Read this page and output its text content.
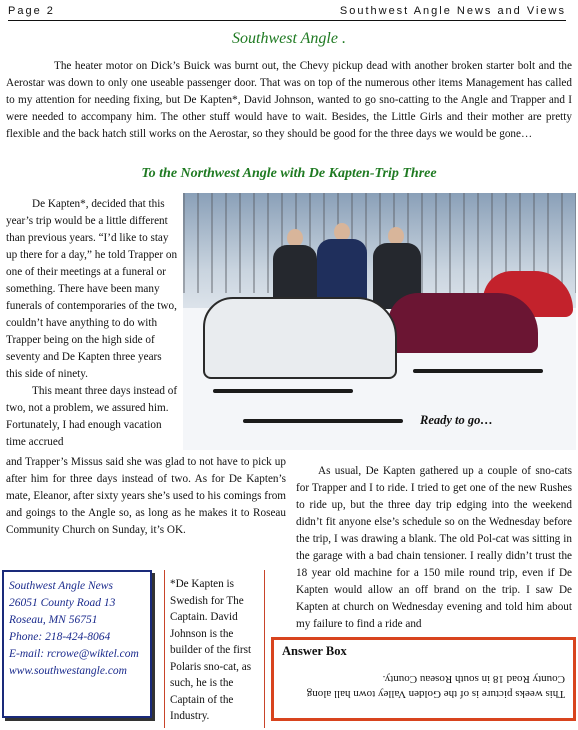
Page 2	Southwest Angle News and Views
Southwest Angle .

The heater motor on Dick’s Buick was burnt out, the Chevy pickup dead with another broken starter bolt and the Aerostar was down to only one useable passenger door. That was on top of the numerous other items Management has called to my attention for needing fixing, but De Kapten*, David Johnson, wanted to go sno-catting to the Angle and Trapper and I were needed to accompany him. The other stuff would have to wait. Besides, the Little Girls and their mother are pretty flexible and the back hatch still works on the Aerostar, so they should be good for the three days we would be gone…

To the Northwest Angle with De Kapten-Trip Three

De Kapten*, decided that this year’s trip would be a little different than previous years. “I’d like to stay up there for a day,” he told Trapper on one of their meetings at a funeral or something. There have been many funerals of contemporaries of the two, couldn’t have anything to do with Trapper being on the high side of seventy and De Kapten three years this side of ninety.

This meant three days instead of two, not a problem, we assured him. Fortunately, I had enough vacation time accrued

Ready to go…

and Trapper’s Missus said she was glad to not have to pick up after him for three days instead of two. As for De Kapten’s mate, Eleanor, after sixty years she’s used to his comings from and goings to the Angle so, as long as he makes it to Roseau Community Church on Sunday, it’s OK.

As usual, De Kapten gathered up a couple of sno-cats for Trapper and I to ride. I tried to get one of the new Rushes to ride up, but the three day trip edging into the weekend didn’t fit anyone else’s schedule so on the Wednesday before the trip, I was drawing a blank. The old Pol-cat was sitting in the garage with a bad chain tensioner. I really didn’t trust the 18 year old machine for a 150 mile round trip, even if De Kapten would allow an off brand on the trip. I saw De Kapten at church on Wednesday evening and told him about my failure to find a ride and

Southwest Angle News
26051 County Road 13
Roseau, MN 56751
Phone: 218-424-8064
E-mail: rcrowe@wiktel.com
www.southwestangle.com
*De Kapten is Swedish for The Captain. David Johnson is the builder of the first Polaris sno-cat, as such, he is the Captain of the Industry.
Answer Box
This weeks picture is of the Golden Valley town hall along County Road 18 in south Roseau County.
